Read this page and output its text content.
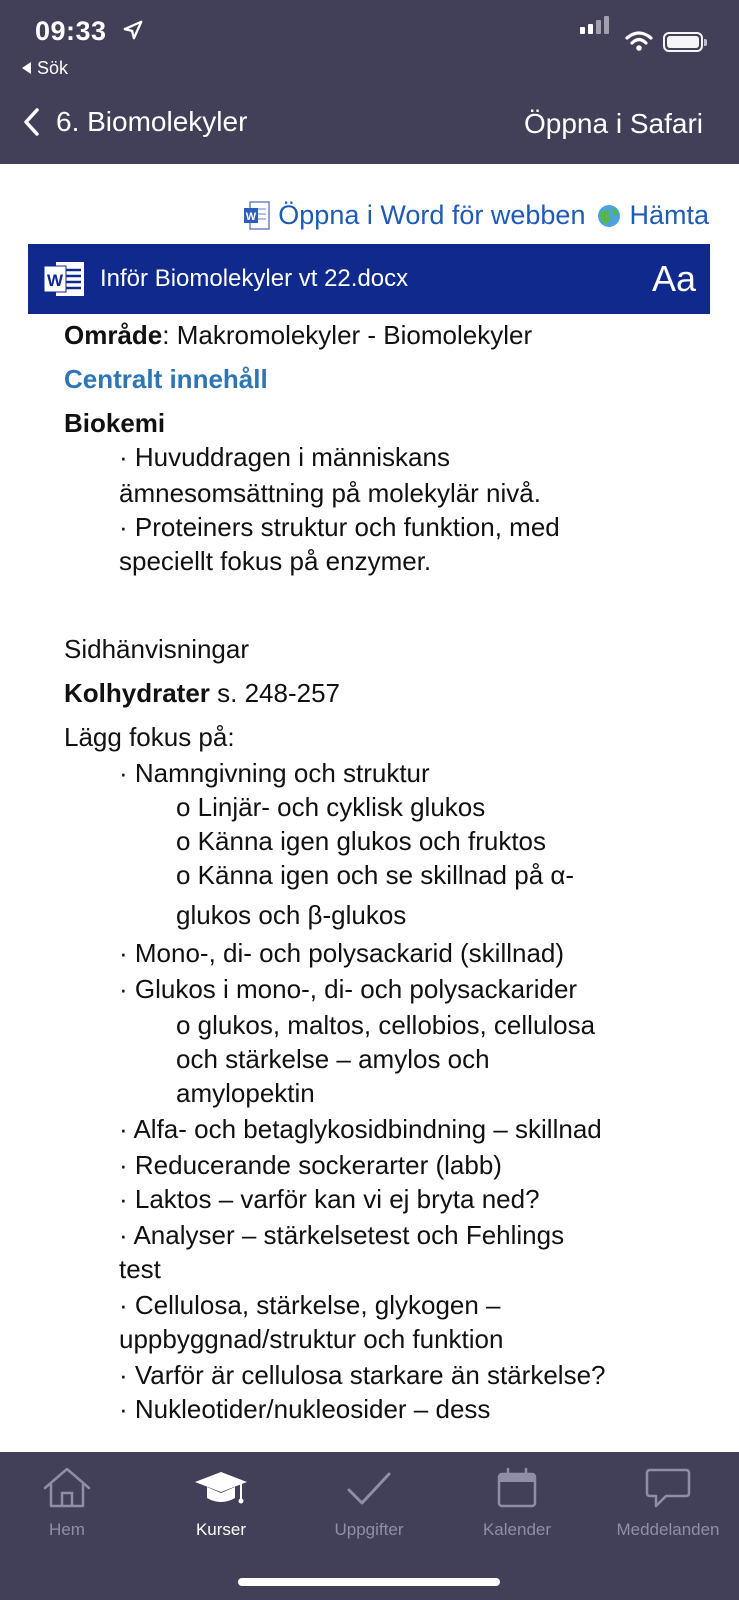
09:33
Sök
6. Biomolekyler	Öppna i Safari
W Öppna i Word för webben Hämta
W Inför Biomolekyler vt 22.docx	Aa
Område: Makromolekyler - Biomolekyler
Centralt innehåll
Biokemi
· Huvuddragen i människans
ämnesomsättning på molekylär nivå.
· Proteiners struktur och funktion, med
speciellt fokus på enzymer.
Sidhänvisningar
Kolhydrater s. 248-257
Lägg fokus på:
· Namngivning och struktur
o Linjär- och cyklisk glukos
o Känna igen glukos och fruktos
o Känna igen och se skillnad på α-
glukos och β-glukos
· Mono-, di- och polysackarid (skillnad)
· Glukos i mono-, di- och polysackarider
o glukos, maltos, cellobios, cellulosa
och stärkelse – amylos och
amylopektin
· Alfa- och betaglykosidbindning – skillnad
· Reducerande sockerarter (labb)
· Laktos – varför kan vi ej bryta ned?
· Analyser – stärkelsetest och Fehlings
test
· Cellulosa, stärkelse, glykogen –
uppbyggnad/struktur och funktion
· Varför är cellulosa starkare än stärkelse?
· Nukleotider/nukleosider – dess
Hem	Kurser	Uppgifter	Kalender	Meddelanden
